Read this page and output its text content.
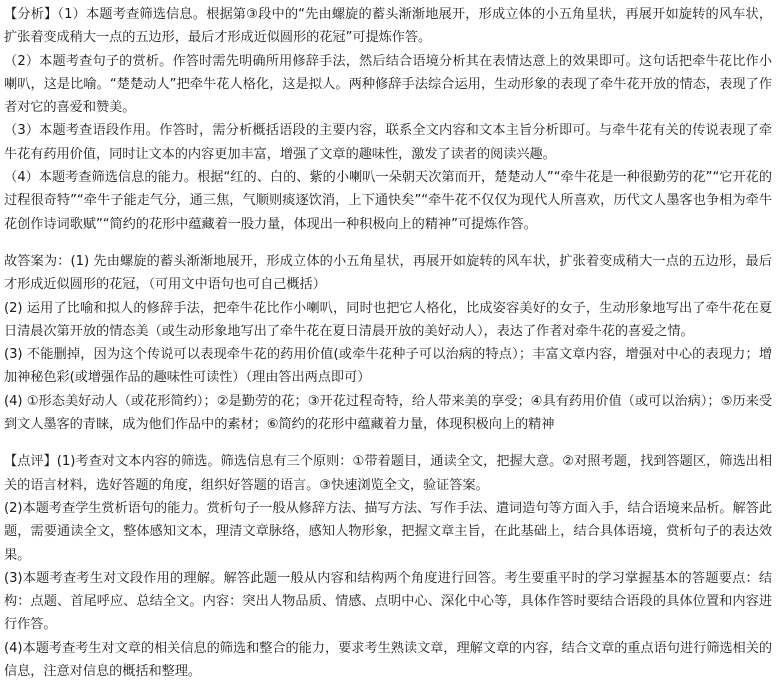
【分析】（1）本题考查筛选信息。根据第③段中的“先由螺旋的蓄头渐渐地展开，形成立体的小五角星状，再展开如旋转的风车状，扩张着变成稍大一点的五边形，最后才形成近似圆形的花冠”可提炼作答。

（2）本题考查句子的赏析。作答时需先明确所用修辞手法，然后结合语境分析其在表情达意上的效果即可。这句话把牵牛花比作小喇叭，这是比喻。“楚楚动人”把牵牛花人格化，这是拟人。两种修辞手法综合运用，生动形象的表现了牵牛花开放的情态，表现了作者对它的喜爱和赞美。

（3）本题考查语段作用。作答时，需分析概括语段的主要内容，联系全文内容和文本主旨分析即可。与牵牛花有关的传说表现了牵牛花有药用价值，同时让文本的内容更加丰富，增强了文章的趣味性，激发了读者的阅读兴趣。

（4）本题考查筛选信息的能力。根据“红的、白的、紫的小喇叭一朵朝天次第而开，楚楚动人”“牵牛花是一种很勤劳的花”“它开花的过程很奇特”“牵牛子能走气分，通三焦，气顺则痰逐饮消，上下通快矣”“牵牛花不仅仅为现代人所喜欢，历代文人墨客也争相为牵牛花创作诗词歌赋”“简约的花形中蕴藏着一股力量，体现出一种积极向上的精神”可提炼作答。

故答案为：(1) 先由螺旋的蓄头渐渐地展开，形成立体的小五角星状，再展开如旋转的风车状，扩张着变成稍大一点的五边形，最后才形成近似圆形的花冠，（可用文中语句也可自己概括）

(2) 运用了比喻和拟人的修辞手法，把牵牛花比作小喇叭，同时也把它人格化，比成姿容美好的女子，生动形象地写出了牵牛花在夏日清晨次第开放的情态美（或生动形象地写出了牵牛花在夏日清晨开放的美好动人），表达了作者对牵牛花的喜爱之情。

(3) 不能删掉，因为这个传说可以表现牵牛花的药用价值(或牵牛花种子可以治病的特点）；丰富文章内容，增强对中心的表现力；增加神秘色彩(或增强作品的趣味性可读性）（理由答出两点即可）

(4) ①形态美好动人（或花形简约）；②是勤劳的花；③开花过程奇特，给人带来美的享受；④具有药用价值（或可以治病）；⑤历来受到文人墨客的青睐，成为他们作品中的素材；⑥简约的花形中蕴藏着力量，体现积极向上的精神

【点评】(1)考查对文本内容的筛选。筛选信息有三个原则：①带着题目，通读全文，把握大意。②对照考题，找到答题区，筛选出相关的语言材料，选好答题的角度，组织好答题的语言。③快速浏览全文，验证答案。

(2)本题考查学生赏析语句的能力。赏析句子一般从修辞方法、描写方法、写作手法、遣词造句等方面入手，结合语境来品析。解答此题，需要通读全文，整体感知文本，理清文章脉络，感知人物形象，把握文章主旨，在此基础上，结合具体语境，赏析句子的表达效果。

(3)本题考查考生对文段作用的理解。解答此题一般从内容和结构两个角度进行回答。考生要重平时的学习掌握基本的答题要点：结构：点题、首尾呼应、总结全文。内容：突出人物品质、情感、点明中心、深化中心等，具体作答时要结合语段的具体位置和内容进行作答。

(4)本题考查考生对文章的相关信息的筛选和整合的能力，要求考生熟读文章，理解文章的内容，结合文章的重点语句进行筛选相关的信息，注意对信息的概括和整理。
